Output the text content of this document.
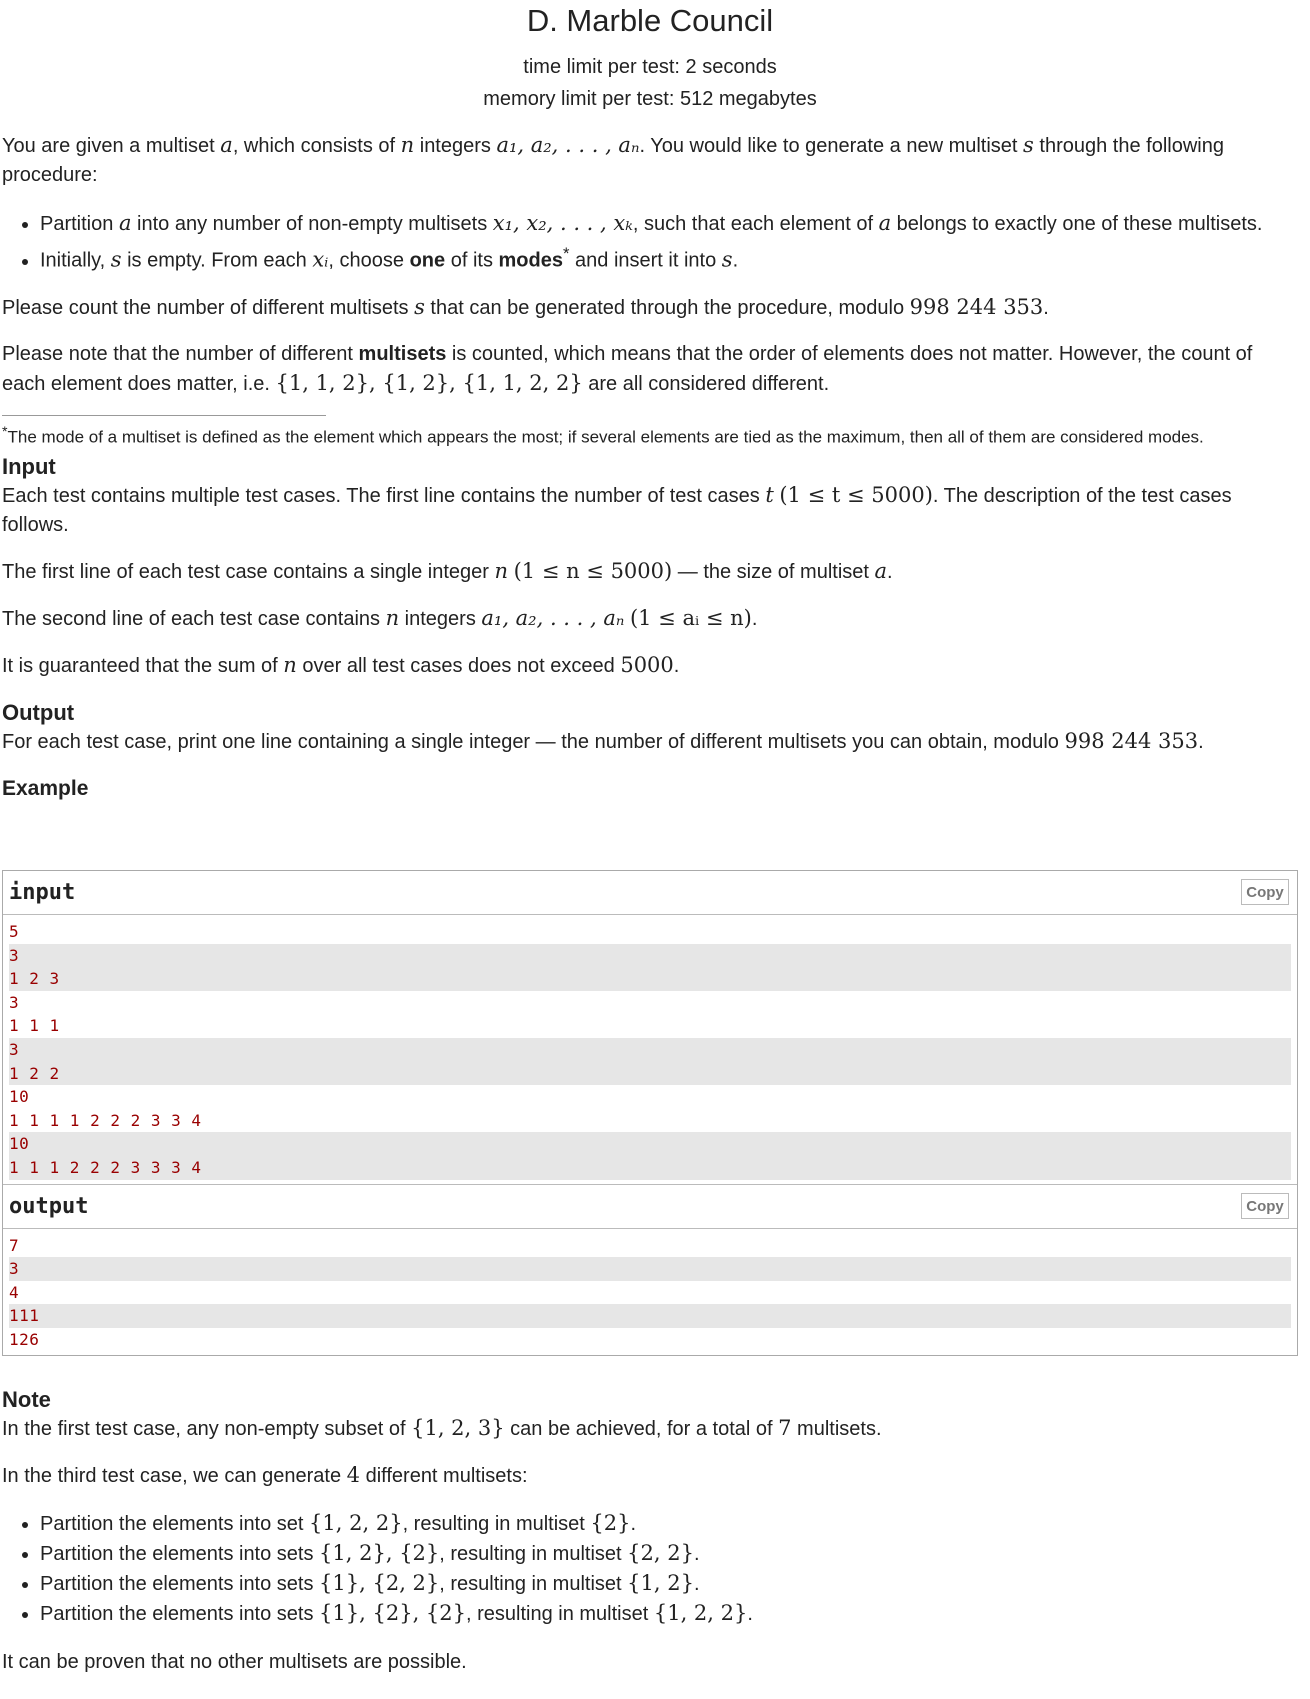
D. Marble Council
time limit per test: 2 seconds
memory limit per test: 512 megabytes

You are given a multiset a, which consists of n integers a₁, a₂, . . . , aₙ. You would like to generate a new multiset s through the following procedure:

• Partition a into any number of non-empty multisets x₁, x₂, . . . , xₖ, such that each element of a belongs to exactly one of these multisets.
• Initially, s is empty. From each xᵢ, choose one of its modes* and insert it into s.

Please count the number of different multisets s that can be generated through the procedure, modulo 998 244 353.

Please note that the number of different multisets is counted, which means that the order of elements does not matter. However, the count of each element does matter, i.e. {1, 1, 2}, {1, 2}, {1, 1, 2, 2} are all considered different.

*The mode of a multiset is defined as the element which appears the most; if several elements are tied as the maximum, then all of them are considered modes.
Input

Each test contains multiple test cases. The first line contains the number of test cases t (1 ≤ t ≤ 5000). The description of the test cases follows.

The first line of each test case contains a single integer n (1 ≤ n ≤ 5000) — the size of multiset a.

The second line of each test case contains n integers a₁, a₂, . . . , aₙ (1 ≤ aᵢ ≤ n).

It is guaranteed that the sum of n over all test cases does not exceed 5000.

Output

For each test case, print one line containing a single integer — the number of different multisets you can obtain, modulo 998 244 353.

Example
input	Copy
5
3
1 2 3
3
1 1 1
3
1 2 2
10
1 1 1 1 2 2 2 3 3 4
10
1 1 1 2 2 2 3 3 3 4
output	Copy
7
3
4
111
126
Note

In the first test case, any non-empty subset of {1, 2, 3} can be achieved, for a total of 7 multisets.

In the third test case, we can generate 4 different multisets:

• Partition the elements into set {1, 2, 2}, resulting in multiset {2}.
• Partition the elements into sets {1, 2}, {2}, resulting in multiset {2, 2}.
• Partition the elements into sets {1}, {2, 2}, resulting in multiset {1, 2}.
• Partition the elements into sets {1}, {2}, {2}, resulting in multiset {1, 2, 2}.

It can be proven that no other multisets are possible.
